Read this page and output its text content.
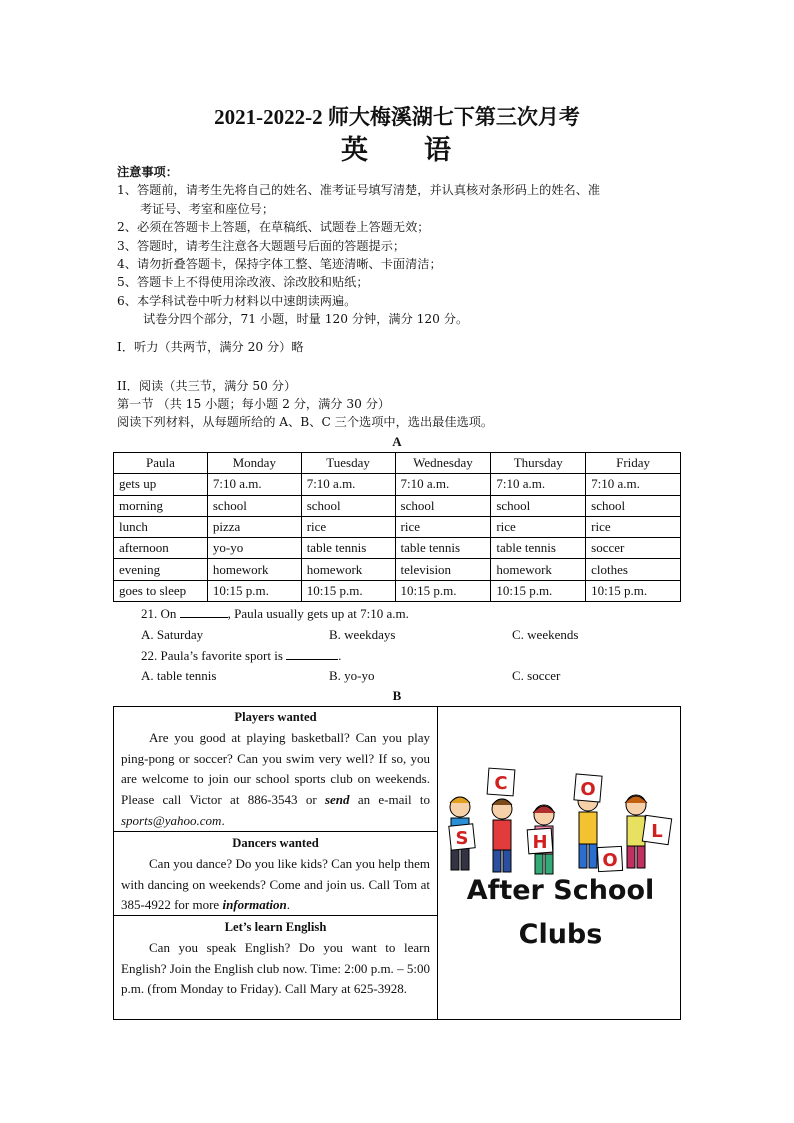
2021-2022-2 师大梅溪湖七下第三次月考
英 语
注意事项：
1、答题前，请考生先将自己的姓名、准考证号填写清楚，并认真核对条形码上的姓名、准
考证号、考室和座位号；
2、必须在答题卡上答题，在草稿纸、试题卷上答题无效；
3、答题时，请考生注意各大题题号后面的答题提示；
4、请勿折叠答题卡，保持字体工整、笔迹清晰、卡面清洁；
5、答题卡上不得使用涂改液、涂改胶和贴纸；
6、本学科试卷中听力材料以中速朗读两遍。
试卷分四个部分，71 小题，时量 120 分钟，满分 120 分。
I．听力（共两节，满分 20 分）略
II．阅读（共三节，满分 50 分）
第一节 （共 15 小题；每小题 2 分，满分 30 分）
阅读下列材料，从每题所给的 A、B、C 三个选项中，选出最佳选项。
A
Paula	Monday	Tuesday	Wednesday	Thursday	Friday
gets up	7:10 a.m.	7:10 a.m.	7:10 a.m.	7:10 a.m.	7:10 a.m.
morning	school	school	school	school	school
lunch	pizza	rice	rice	rice	rice
afternoon	yo-yo	table tennis	table tennis	table tennis	soccer
evening	homework	homework	television	homework	clothes
goes to sleep	10:15 p.m.	10:15 p.m.	10:15 p.m.	10:15 p.m.	10:15 p.m.
21. On	, Paula usually gets up at 7:10 a.m.
A. Saturday	B. weekdays	C. weekends
22. Paula’s favorite sport is	.
A. table tennis	B. yo-yo	C. soccer
B
Players wanted

Are you good at playing basketball? Can you play ping-pong or soccer? Can you swim very well? If so, you are welcome to join our school sports club on weekends. Please call Victor at 886-3543 or send an e-mail to sports@yahoo.com.

Dancers wanted

Can you dance? Do you like kids? Can you help them with dancing on weekends? Come and join us. Call Tom at 385-4922 for more information.

Let’s learn English

Can you speak English? Do you want to learn English? Join the English club now. Time: 2:00 p.m. – 5:00 p.m. (from Monday to Friday). Call Mary at 625-3928.

S
C
H
O
O
L
After School
Clubs
